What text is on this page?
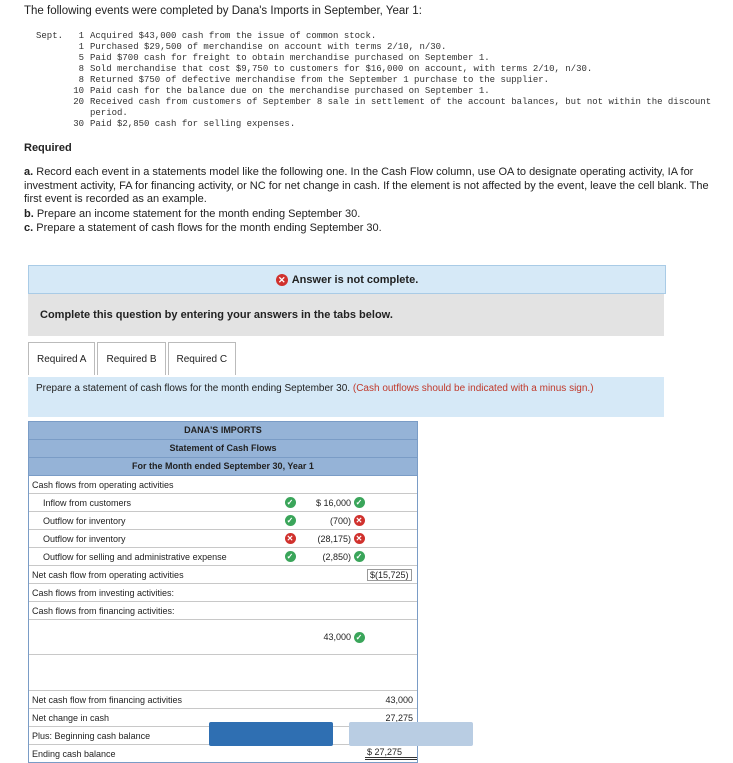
The following events were completed by Dana's Imports in September, Year 1:
Sept.	1 Acquired $43,000 cash from the issue of common stock.
1 Purchased $29,500 of merchandise on account with terms 2/10, n/30.
5 Paid $700 cash for freight to obtain merchandise purchased on September 1.
8 Sold merchandise that cost $9,750 to customers for $16,000 on account, with terms 2/10, n/30.
8 Returned $750 of defective merchandise from the September 1 purchase to the supplier.
10 Paid cash for the balance due on the merchandise purchased on September 1.
20 Received cash from customers of September 8 sale in settlement of the account balances, but not within the discount period.
30 Paid $2,850 cash for selling expenses.
Required
a. Record each event in a statements model like the following one. In the Cash Flow column, use OA to designate operating activity, IA for investment activity, FA for financing activity, or NC for net change in cash. If the element is not affected by the event, leave the cell blank. The first event is recorded as an example.
b. Prepare an income statement for the month ending September 30.
c. Prepare a statement of cash flows for the month ending September 30.
✕ Answer is not complete.
Complete this question by entering your answers in the tabs below.
Required A	Required B	Required C
Prepare a statement of cash flows for the month ending September 30. (Cash outflows should be indicated with a minus sign.)
DANA'S IMPORTS
Statement of Cash Flows
For the Month ended September 30, Year 1
Cash flows from operating activities
Inflow from customers	✓	$ 16,000 ✓
Outflow for inventory	✓	(700) ✕
Outflow for inventory	✕	(28,175) ✕
Outflow for selling and administrative expense	✓	(2,850) ✓
Net cash flow from operating activities	$(15,725)
Cash flows from investing activities:
Cash flows from financing activities:
43,000 ✓
Net cash flow from financing activities	43,000
Net change in cash	27,275
Plus: Beginning cash balance
Ending cash balance	$ 27,275
